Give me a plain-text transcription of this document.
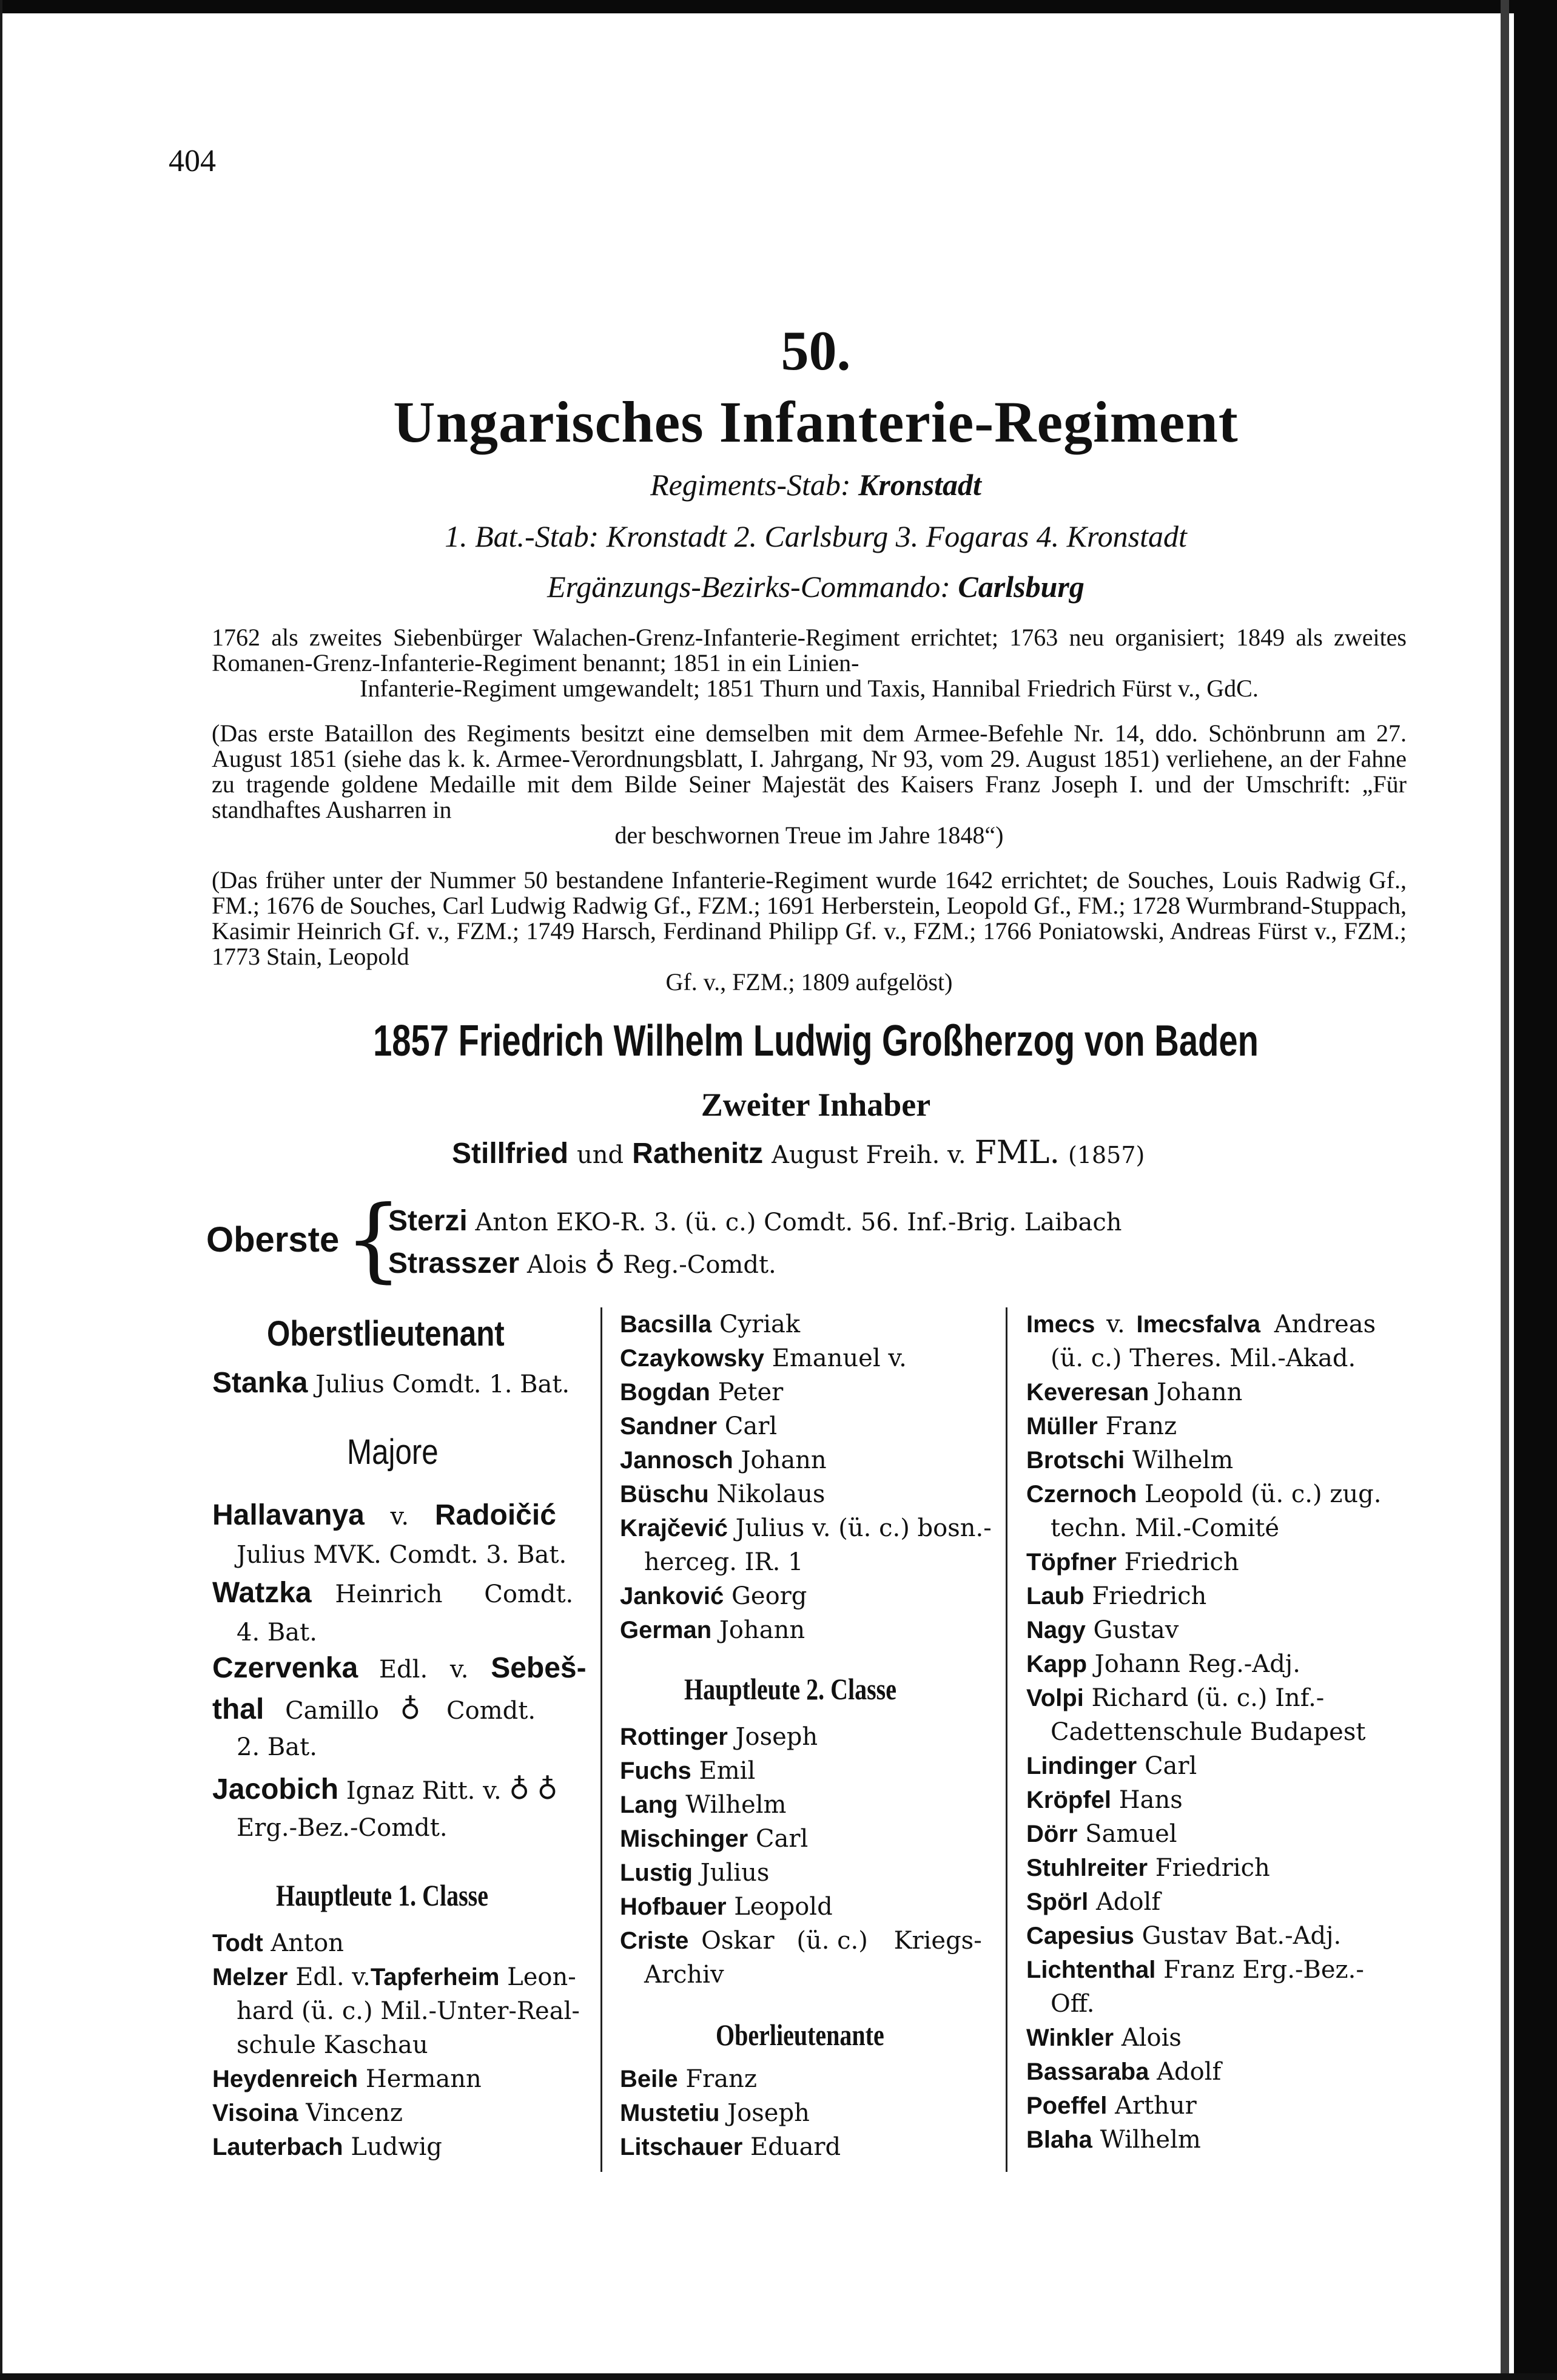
404
50.
Ungarisches Infanterie-Regiment
Regiments-Stab: Kronstadt
1. Bat.-Stab: Kronstadt 2. Carlsburg 3. Fogaras 4. Kronstadt
Ergänzungs-Bezirks-Commando: Carlsburg
1762 als zweites Siebenbürger Walachen-Grenz-Infanterie-Regiment errichtet; 1763 neu organisiert; 1849 als zweites Romanen-Grenz-Infanterie-Regiment benannt; 1851 in ein Linien-
Infanterie-Regiment umgewandelt; 1851 Thurn und Taxis, Hannibal Friedrich Fürst v., GdC.
(Das erste Bataillon des Regiments besitzt eine demselben mit dem Armee-Befehle Nr. 14, ddo. Schönbrunn am 27. August 1851 (siehe das k. k. Armee-Verordnungsblatt, I. Jahrgang, Nr 93, vom 29. August 1851) verliehene, an der Fahne zu tragende goldene Medaille mit dem Bilde Seiner Majestät des Kaisers Franz Joseph I. und der Umschrift: „Für standhaftes Ausharren in
der beschwornen Treue im Jahre 1848“)
(Das früher unter der Nummer 50 bestandene Infanterie-Regiment wurde 1642 errichtet; de Souches, Louis Radwig Gf., FM.; 1676 de Souches, Carl Ludwig Radwig Gf., FZM.; 1691 Herberstein, Leopold Gf., FM.; 1728 Wurmbrand-Stuppach, Kasimir Heinrich Gf. v., FZM.; 1749 Harsch, Ferdinand Philipp Gf. v., FZM.; 1766 Poniatowski, Andreas Fürst v., FZM.; 1773 Stain, Leopold
Gf. v., FZM.; 1809 aufgelöst)
1857 Friedrich Wilhelm Ludwig Großherzog von Baden
Zweiter Inhaber
Stillfried und Rathenitz August Freih. v. FML. (1857)
Oberste {
Sterzi Anton EKO-R. 3. (ü. c.) Comdt. 56. Inf.-Brig. Laibach
Strasszer Alois ♁ Reg.-Comdt.
Oberstlieutenant
Stanka Julius Comdt. 1. Bat.
Majore
Hallavanya v. Radoičić
Julius MVK. Comdt. 3. Bat.
Watzka Heinrich Comdt.
4. Bat.
Czervenka Edl. v. Sebeš-
thal Camillo ♁ Comdt.
2. Bat.
Jacobich Ignaz Ritt. v. ♁ ♁
Erg.-Bez.-Comdt.
Hauptleute 1. Classe
Todt Anton
Melzer Edl. v.Tapferheim Leon-
hard (ü. c.) Mil.-Unter-Real-
schule Kaschau
Heydenreich Hermann
Visoina Vincenz
Lauterbach Ludwig
Bacsilla Cyriak
Czaykowsky Emanuel v.
Bogdan Peter
Sandner Carl
Jannosch Johann
Büschu Nikolaus
Krajčević Julius v. (ü. c.) bosn.-
herceg. IR. 1
Janković Georg
German Johann
Hauptleute 2. Classe
Rottinger Joseph
Fuchs Emil
Lang Wilhelm
Mischinger Carl
Lustig Julius
Hofbauer Leopold
Criste Oskar (ü. c.) Kriegs-
Archiv
Oberlieutenante
Beile Franz
Mustetiu Joseph
Litschauer Eduard
Imecs v. Imecsfalva Andreas
(ü. c.) Theres. Mil.-Akad.
Keveresan Johann
Müller Franz
Brotschi Wilhelm
Czernoch Leopold (ü. c.) zug.
techn. Mil.-Comité
Töpfner Friedrich
Laub Friedrich
Nagy Gustav
Kapp Johann Reg.-Adj.
Volpi Richard (ü. c.) Inf.-
Cadettenschule Budapest
Lindinger Carl
Kröpfel Hans
Dörr Samuel
Stuhlreiter Friedrich
Spörl Adolf
Capesius Gustav Bat.-Adj.
Lichtenthal Franz Erg.-Bez.-
Off.
Winkler Alois
Bassaraba Adolf
Poeffel Arthur
Blaha Wilhelm
